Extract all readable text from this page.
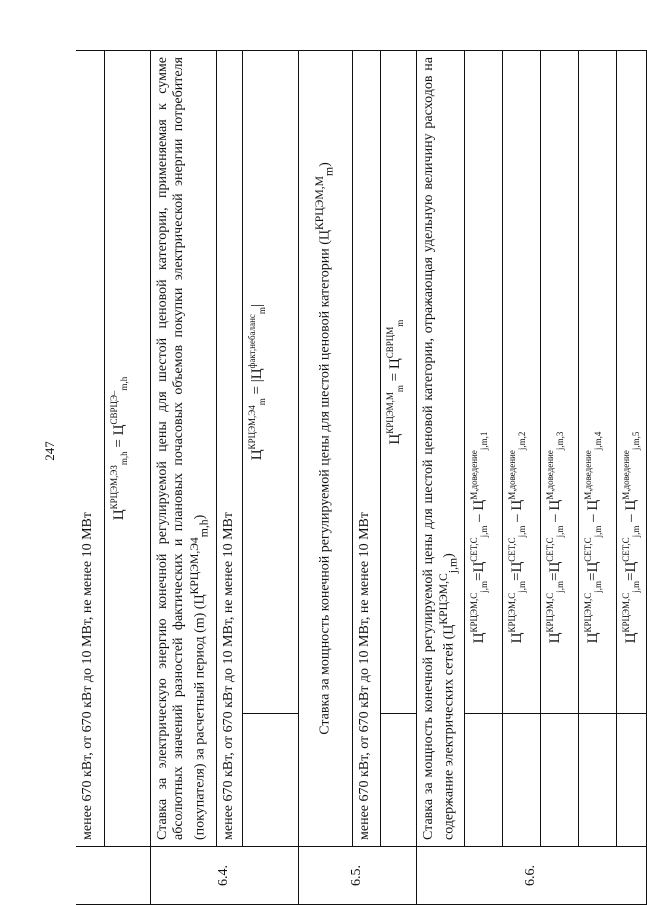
247
	менее 670 кВт, от 670 кВт до 10 МВт, не менее 10 МВт	
	$Ц^{КРЦЭМ,ЭЗ}_{m,h} = Ц^{СВРЦЭ-}_{m,h}$
6.4.	Ставка за электрическую энергию конечной регулируемой цены для шестой ценовой категории, применяемая к сумме абсолютных значений разностей фактических и плановых почасовых объемов покупки электрической энергии потребителя (покупателя) за расчетный период (m) $(Ц^{КРЦЭМ,Э4}_{m,h})$	
	менее 670 кВт, от 670 кВт до 10 МВт, не менее 10 МВт	
		$Ц^{КРЦЭМ,Э4}_m = |Ц^{факт,небаланс}_m|$
6.5.	Ставка за мощность конечной регулируемой цены для шестой ценовой категории $(Ц^{КРЦЭМ,М}_m)$	
	менее 670 кВт, от 670 кВт до 10 МВт, не менее 10 МВт	
		$Ц^{КРЦЭМ,М}_m = Ц^{СВРЦМ}_m$
6.6.	Ставка за мощность конечной регулируемой цены для шестой ценовой категории, отражающая удельную величину расходов на содержание электрических сетей $(Ц^{КРЦЭМ,С}_{j,m})$	
		$Ц^{КРЦЭМ,С}_{j,m}=Ц^{СЕТ,С}_{j,m} - Ц^{М,доведение}_{j,m,1}$
		$Ц^{КРЦЭМ,С}_{j,m}=Ц^{СЕТ,С}_{j,m} - Ц^{М,доведение}_{j,m,2}$
		$Ц^{КРЦЭМ,С}_{j,m}=Ц^{СЕТ,С}_{j,m} - Ц^{М,доведение}_{j,m,3}$
		$Ц^{КРЦЭМ,С}_{j,m}=Ц^{СЕТ,С}_{j,m} - Ц^{М,доведение}_{j,m,4}$
		$Ц^{КРЦЭМ,С}_{j,m}=Ц^{СЕТ,С}_{j,m} - Ц^{М,доведение}_{j,m,5}$
